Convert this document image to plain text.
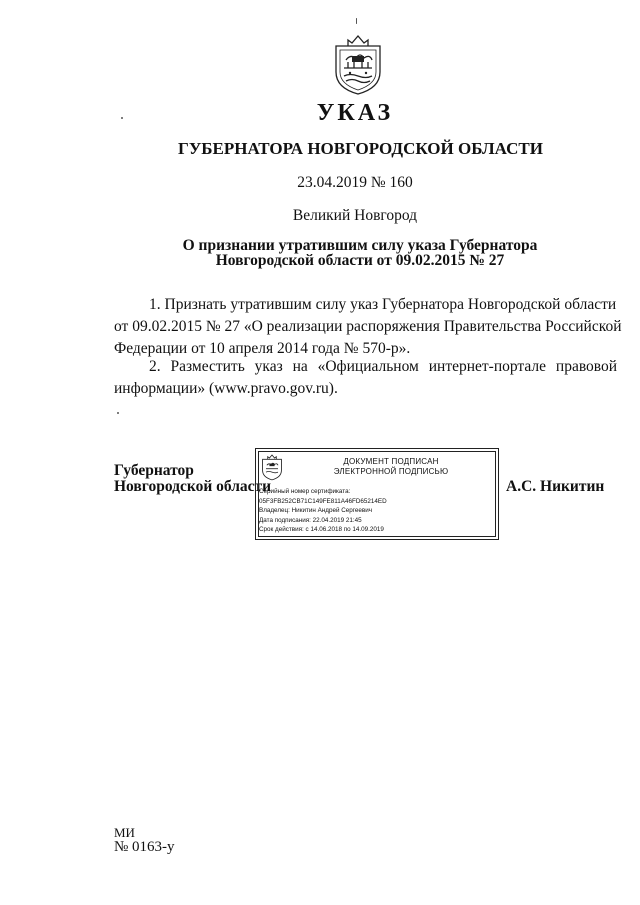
УКАЗ
ГУБЕРНАТОРА НОВГОРОДСКОЙ ОБЛАСТИ
23.04.2019 № 160
Великий Новгород
О признании утратившим силу указа Губернатора
Новгородской области от 09.02.2015 № 27
1. Признать утратившим силу указ Губернатора Новгородской области
от 09.02.2015 № 27 «О реализации распоряжения Правительства Российской
Федерации от 10 апреля 2014 года № 570-р».
2. Разместить указ на «Официальном интернет-портале правовой
информации» (www.pravo.gov.ru).
Губернатор
Новгородской области
ДОКУМЕНТ ПОДПИСАН
ЭЛЕКТРОННОЙ ПОДПИСЬЮ
Серийный номер сертификата:
05F3FB252CB71C149FE811A46FD65214ED
Владелец: Никитин Андрей Сергеевич
Дата подписания: 22.04.2019 21:45
Срок действия: с 14.06.2018 по 14.09.2019
А.С. Никитин
МИ
№ 0163-у
